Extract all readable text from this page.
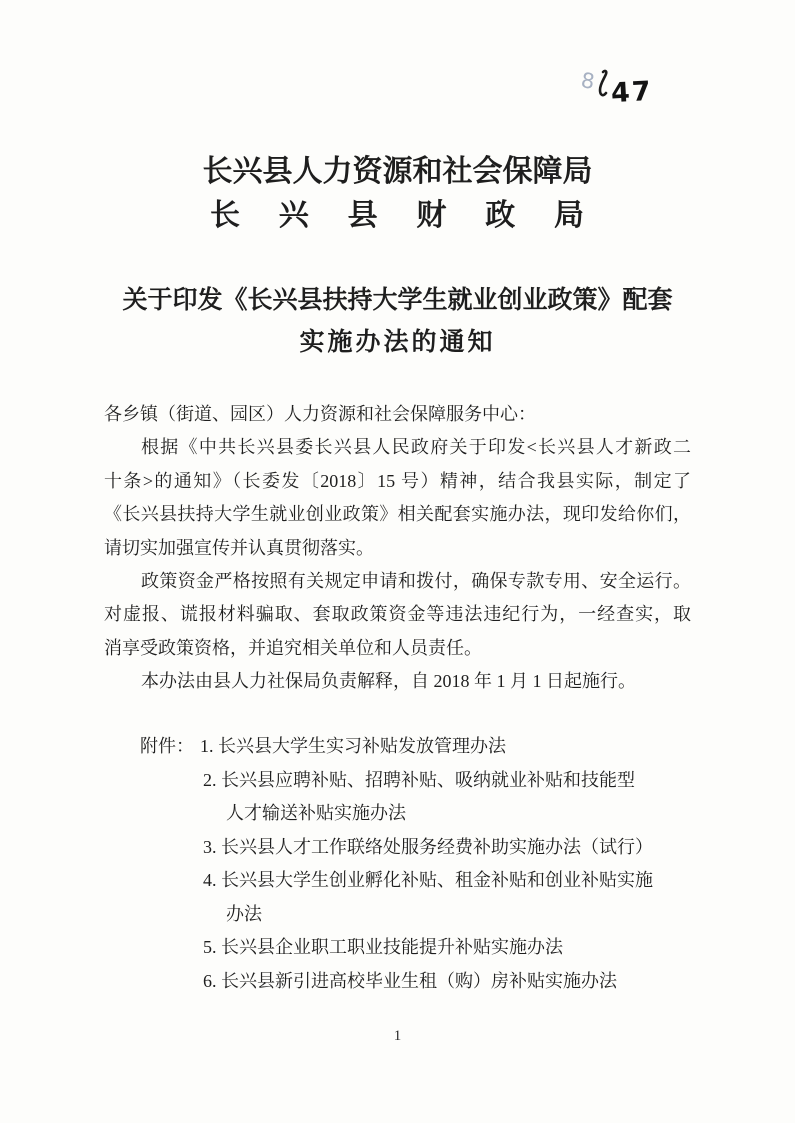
8 47
长兴县人力资源和社会保障局
长兴县财政局
关于印发《长兴县扶持大学生就业创业政策》配套
实施办法的通知
各乡镇（街道、园区）人力资源和社会保障服务中心：
根据《中共长兴县委长兴县人民政府关于印发<长兴县人才新政二
十条>的通知》（长委发〔2018〕15 号）精神，结合我县实际，制定了
《长兴县扶持大学生就业创业政策》相关配套实施办法，现印发给你们，
请切实加强宣传并认真贯彻落实。
政策资金严格按照有关规定申请和拨付，确保专款专用、安全运行。
对虚报、谎报材料骗取、套取政策资金等违法违纪行为，一经查实，取
消享受政策资格，并追究相关单位和人员责任。
本办法由县人力社保局负责解释，自 2018 年 1 月 1 日起施行。
附件： 1. 长兴县大学生实习补贴发放管理办法
2. 长兴县应聘补贴、招聘补贴、吸纳就业补贴和技能型
人才输送补贴实施办法
3. 长兴县人才工作联络处服务经费补助实施办法（试行）
4. 长兴县大学生创业孵化补贴、租金补贴和创业补贴实施
办法
5. 长兴县企业职工职业技能提升补贴实施办法
6. 长兴县新引进高校毕业生租（购）房补贴实施办法
1
